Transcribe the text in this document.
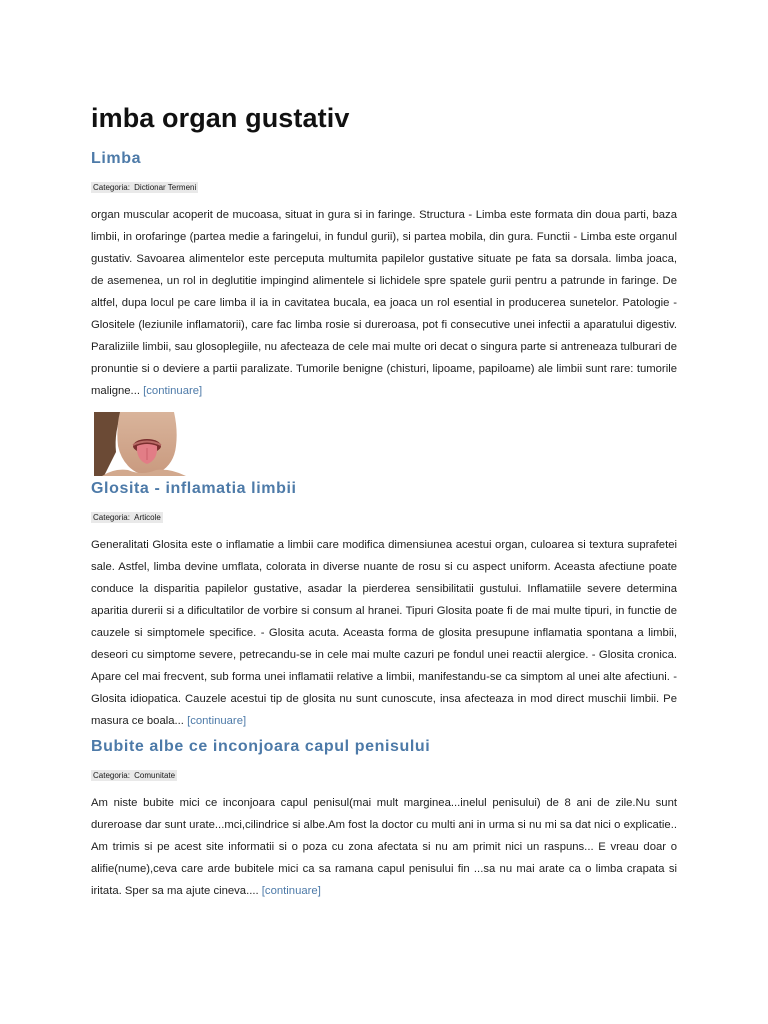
imba organ gustativ
Limba
Categoria: Dictionar Termeni

organ muscular acoperit de mucoasa, situat in gura si in faringe. Structura - Limba este formata din doua parti, baza limbii, in orofaringe (partea medie a faringelui, in fundul gurii), si partea mobila, din gura. Functii - Limba este organul gustativ. Savoarea alimentelor este perceputa multumita papilelor gustative situate pe fata sa dorsala. limba joaca, de asemenea, un rol in deglutitie impingind alimentele si lichidele spre spatele gurii pentru a patrunde in faringe. De altfel, dupa locul pe care limba il ia in cavitatea bucala, ea joaca un rol esential in producerea sunetelor. Patologie - Glositele (leziunile inflamatorii), care fac limba rosie si dureroasa, pot fi consecutive unei infectii a aparatului digestiv. Paraliziile limbii, sau glosoplegiile, nu afecteaza de cele mai multe ori decat o singura parte si antreneaza tulburari de pronuntie si o deviere a partii paralizate. Tumorile benigne (chisturi, lipoame, papiloame) ale limbii sunt rare: tumorile maligne... [continuare]

Glosita - inflamatia limbii
Categoria: Articole

Generalitati Glosita este o inflamatie a limbii care modifica dimensiunea acestui organ, culoarea si textura suprafetei sale. Astfel, limba devine umflata, colorata in diverse nuante de rosu si cu aspect uniform. Aceasta afectiune poate conduce la disparitia papilelor gustative, asadar la pierderea sensibilitatii gustului. Inflamatiile severe determina aparitia durerii si a dificultatilor de vorbire si consum al hranei. Tipuri Glosita poate fi de mai multe tipuri, in functie de cauzele si simptomele specifice. - Glosita acuta. Aceasta forma de glosita presupune inflamatia spontana a limbii, deseori cu simptome severe, petrecandu-se in cele mai multe cazuri pe fondul unei reactii alergice. - Glosita cronica. Apare cel mai frecvent, sub forma unei inflamatii relative a limbii, manifestandu-se ca simptom al unei alte afectiuni. - Glosita idiopatica. Cauzele acestui tip de glosita nu sunt cunoscute, insa afecteaza in mod direct muschii limbii. Pe masura ce boala... [continuare]

Bubite albe ce inconjoara capul penisului
Categoria: Comunitate

Am niste bubite mici ce inconjoara capul penisul(mai mult marginea...inelul penisului) de 8 ani de zile.Nu sunt dureroase dar sunt urate...mci,cilindrice si albe.Am fost la doctor cu multi ani in urma si nu mi sa dat nici o explicatie.. Am trimis si pe acest site informatii si o poza cu zona afectata si nu am primit nici un raspuns... E vreau doar o alifie(nume),ceva care arde bubitele mici ca sa ramana capul penisului fin ...sa nu mai arate ca o limba crapata si iritata. Sper sa ma ajute cineva.... [continuare]
